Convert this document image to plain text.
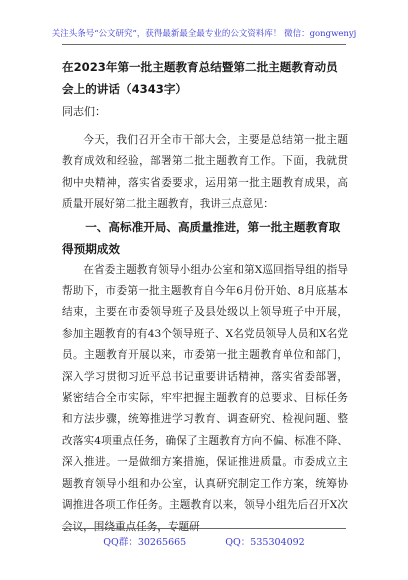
关注头条号“公文研究”，获得最新最全最专业的公文资料库！ 微信：gongwenyj
在2023年第一批主题教育总结暨第二批主题教育动员会上的讲话（4343字）
同志们：

今天，我们召开全市干部大会，主要是总结第一批主题教育成效和经验，部署第二批主题教育工作。下面，我就贯彻中央精神，落实省委要求，运用第一批主题教育成果，高质量开展好第二批主题教育，我讲三点意见：

一、高标准开局、高质量推进，第一批主题教育取得预期成效

在省委主题教育领导小组办公室和第X巡回指导组的指导帮助下，市委第一批主题教育自今年6月份开始、8月底基本结束，主要在市委领导班子及县处级以上领导班子中开展，参加主题教育的有43个领导班子、X名党员领导人员和X名党员。主题教育开展以来，市委第一批主题教育单位和部门，深入学习贯彻习近平总书记重要讲话精神，落实省委部署，紧密结合全市实际，牢牢把握主题教育的总要求、目标任务和方法步骤，统筹推进学习教育、调查研究、检视问题、整改落实4项重点任务，确保了主题教育方向不偏、标准不降、深入推进。一是做细方案措施，保证推进质量。市委成立主题教育领导小组和办公室，认真研究制定工作方案，统筹协调推进各项工作任务。主题教育以来，领导小组先后召开X次会议，围绕重点任务，专题研

QQ群：30265665	QQ：535304092
